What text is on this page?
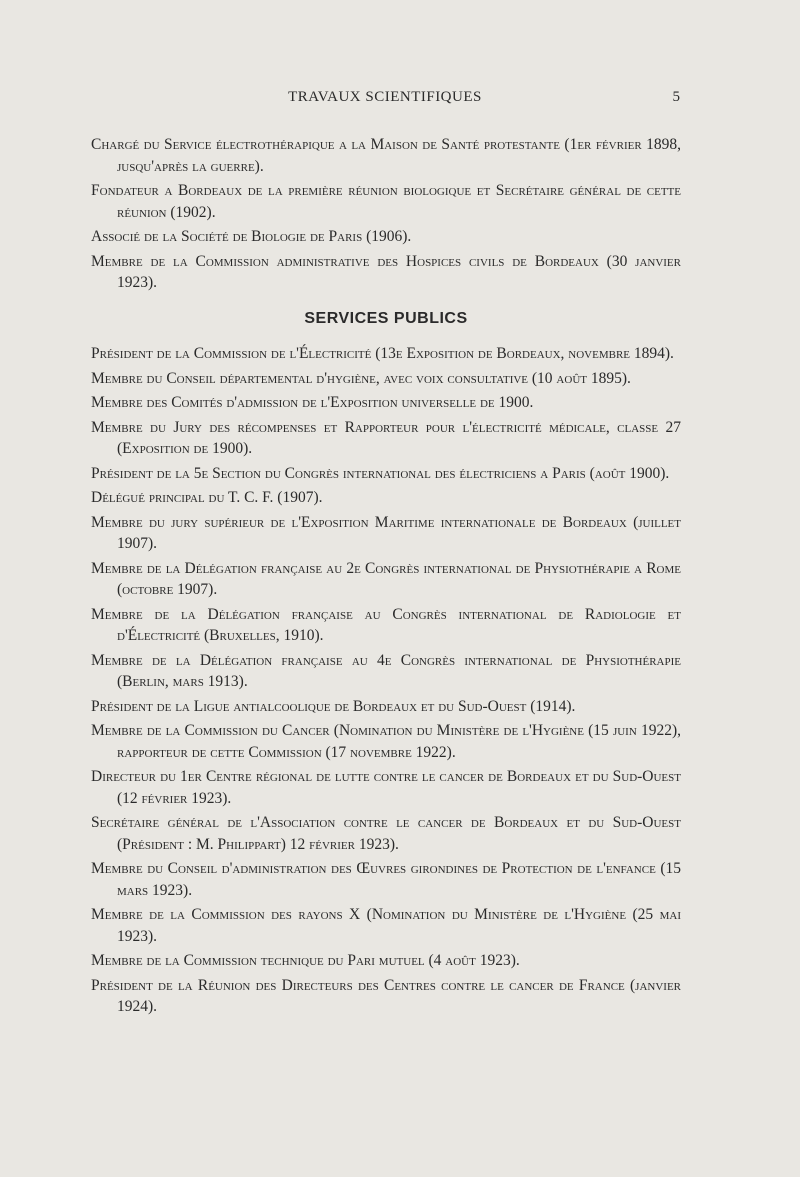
TRAVAUX SCIENTIFIQUES	5

Chargé du Service électrothérapique a la Maison de Santé protestante (1er février 1898, jusqu'après la guerre).

Fondateur a Bordeaux de la première réunion biologique et Secrétaire général de cette réunion (1902).

Associé de la Société de Biologie de Paris (1906).

Membre de la Commission administrative des Hospices civils de Bordeaux (30 janvier 1923).

SERVICES PUBLICS

Président de la Commission de l'Électricité (13e Exposition de Bordeaux, novembre 1894).

Membre du Conseil départemental d'hygiène, avec voix consultative (10 août 1895).

Membre des Comités d'admission de l'Exposition universelle de 1900.

Membre du Jury des récompenses et Rapporteur pour l'électricité médicale, classe 27 (Exposition de 1900).

Président de la 5e Section du Congrès international des électriciens a Paris (août 1900).

Délégué principal du T. C. F. (1907).

Membre du jury supérieur de l'Exposition Maritime internationale de Bordeaux (juillet 1907).

Membre de la Délégation française au 2e Congrès international de Physiothérapie a Rome (octobre 1907).

Membre de la Délégation française au Congrès international de Radiologie et d'Électricité (Bruxelles, 1910).

Membre de la Délégation française au 4e Congrès international de Physiothérapie (Berlin, mars 1913).

Président de la Ligue antialcoolique de Bordeaux et du Sud-Ouest (1914).

Membre de la Commission du Cancer (Nomination du Ministère de l'Hygiène (15 juin 1922), rapporteur de cette Commission (17 novembre 1922).

Directeur du 1er Centre régional de lutte contre le cancer de Bordeaux et du Sud-Ouest (12 février 1923).

Secrétaire général de l'Association contre le cancer de Bordeaux et du Sud-Ouest (Président : M. Philippart) 12 février 1923).

Membre du Conseil d'administration des Œuvres girondines de Protection de l'enfance (15 mars 1923).

Membre de la Commission des rayons X (Nomination du Ministère de l'Hygiène (25 mai 1923).

Membre de la Commission technique du Pari mutuel (4 août 1923).

Président de la Réunion des Directeurs des Centres contre le cancer de France (janvier 1924).
